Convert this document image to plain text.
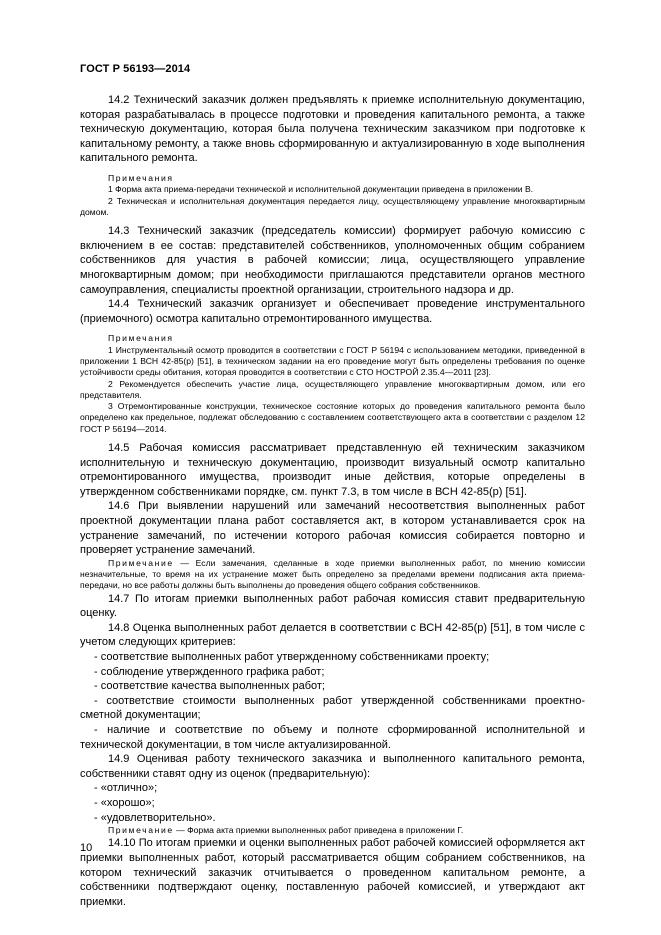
ГОСТ Р 56193—2014

14.2 Технический заказчик должен предъявлять к приемке исполнительную документацию, которая разрабатывалась в процессе подготовки и проведения капитального ремонта, а также техническую документацию, которая была получена техническим заказчиком при подготовке к капитальному ремонту, а также вновь сформированную и актуализированную в ходе выполнения капитального ремонта.

Примечания

1 Форма акта приема-передачи технической и исполнительной документации приведена в приложении В.

2 Техническая и исполнительная документация передается лицу, осуществляющему управление многоквартирным домом.

14.3 Технический заказчик (председатель комиссии) формирует рабочую комиссию с включением в ее состав: представителей собственников, уполномоченных общим собранием собственников для участия в рабочей комиссии; лица, осуществляющего управление многоквартирным домом; при необходимости приглашаются представители органов местного самоуправления, специалисты проектной организации, строительного надзора и др.

14.4 Технический заказчик организует и обеспечивает проведение инструментального (приемочного) осмотра капитально отремонтированного имущества.

Примечания

1 Инструментальный осмотр проводится в соответствии с ГОСТ Р 56194 с использованием методики, приведенной в приложении 1 ВСН 42-85(р) [51], в техническом задании на его проведение могут быть определены требования по оценке устойчивости среды обитания, которая проводится в соответствии с СТО НОСТРОЙ 2.35.4—2011 [23].

2 Рекомендуется обеспечить участие лица, осуществляющего управление многоквартирным домом, или его представителя.

3 Отремонтированные конструкции, техническое состояние которых до проведения капитального ремонта было определено как предельное, подлежат обследованию с составлением соответствующего акта в соответствии с разделом 12 ГОСТ Р 56194—2014.

14.5 Рабочая комиссия рассматривает представленную ей техническим заказчиком исполнительную и техническую документацию, производит визуальный осмотр капитально отремонтированного имущества, производит иные действия, которые определены в утвержденном собственниками порядке, см. пункт 7.3, в том числе в ВСН 42-85(р) [51].

14.6 При выявлении нарушений или замечаний несоответствия выполненных работ проектной документации плана работ составляется акт, в котором устанавливается срок на устранение замечаний, по истечении которого рабочая комиссия собирается повторно и проверяет устранение замечаний.

Примечание — Если замечания, сделанные в ходе приемки выполненных работ, по мнению комиссии незначительные, то время на их устранение может быть определено за пределами времени подписания акта приема-передачи, но все работы должны быть выполнены до проведения общего собрания собственников.

14.7 По итогам приемки выполненных работ рабочая комиссия ставит предварительную оценку.

14.8 Оценка выполненных работ делается в соответствии с ВСН 42-85(р) [51], в том числе с учетом следующих критериев:

- соответствие выполненных работ утвержденному собственниками проекту;
- соблюдение утвержденного графика работ;
- соответствие качества выполненных работ;
- соответствие стоимости выполненных работ утвержденной собственниками проектно-сметной документации;
- наличие и соответствие по объему и полноте сформированной исполнительной и технической документации, в том числе актуализированной.

14.9 Оценивая работу технического заказчика и выполненного капитального ремонта, собственники ставят одну из оценок (предварительную):

- «отлично»;
- «хорошо»;
- «удовлетворительно».

Примечание — Форма акта приемки выполненных работ приведена в приложении Г.

14.10 По итогам приемки и оценки выполненных работ рабочей комиссией оформляется акт приемки выполненных работ, который рассматривается общим собранием собственников, на котором технический заказчик отчитывается о проведенном капитальном ремонте, а собственники подтверждают оценку, поставленную рабочей комиссией, и утверждают акт приемки.

10
